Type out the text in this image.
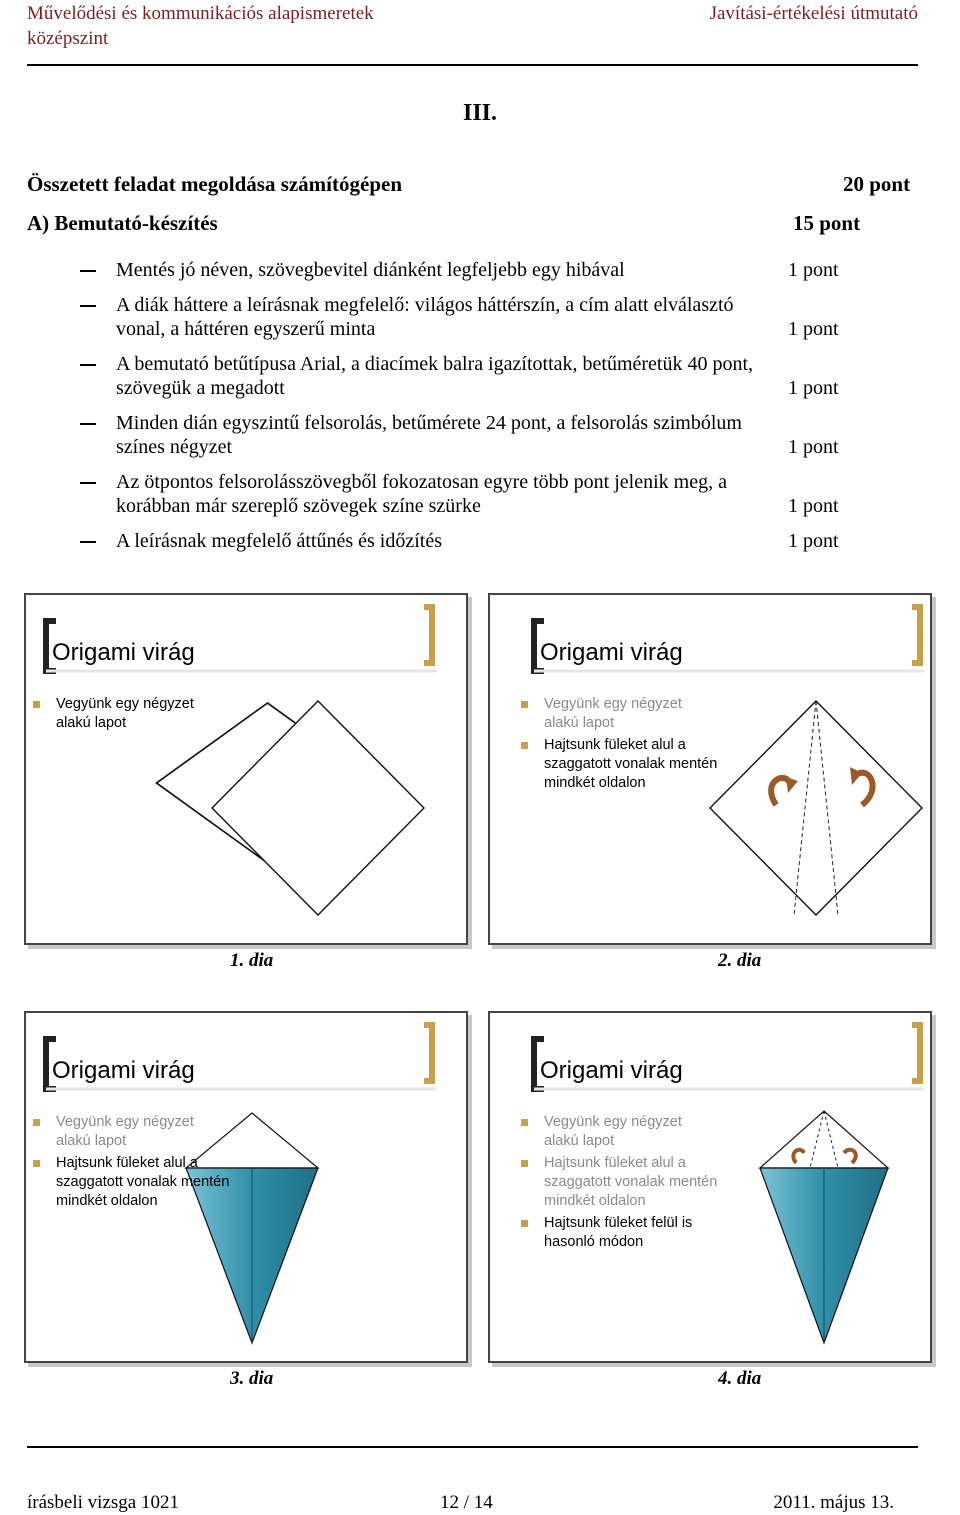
Művelődési és kommunikációs alapismeretek
középszint
Javítási-értékelési útmutató
III.
Összetett feladat megoldása számítógépen	20 pont
A) Bemutató-készítés	15 pont
Mentés jó néven, szövegbevitel diánként legfeljebb egy hibával	1 pont
A diák háttere a leírásnak megfelelő: világos háttérszín, a cím alatt elválasztó vonal, a háttéren egyszerű minta	1 pont
A bemutató betűtípusa Arial, a diacímek balra igazítottak, betűméretük 40 pont, szövegük a megadott	1 pont
Minden dián egyszintű felsorolás, betűmérete 24 pont, a felsorolás szimbólum színes négyzet	1 pont
Az ötpontos felsorolásszövegből fokozatosan egyre több pont jelenik meg, a korábban már szereplő szövegek színe szürke	1 pont
A leírásnak megfelelő áttűnés és időzítés	1 pont
Origami virág
Vegyünk egy négyzet alakú lapot
1. dia
Origami virág
Vegyünk egy négyzet alakú lapot
Hajtsunk füleket alul a szaggatott vonalak mentén mindkét oldalon
2. dia
Origami virág
Vegyünk egy négyzet alakú lapot
Hajtsunk füleket alul a szaggatott vonalak mentén mindkét oldalon
3. dia
Origami virág
Vegyünk egy négyzet alakú lapot
Hajtsunk füleket alul a szaggatott vonalak mentén mindkét oldalon
Hajtsunk füleket felül is hasonló módon
4. dia
írásbeli vizsga 1021	12 / 14	2011. május 13.
